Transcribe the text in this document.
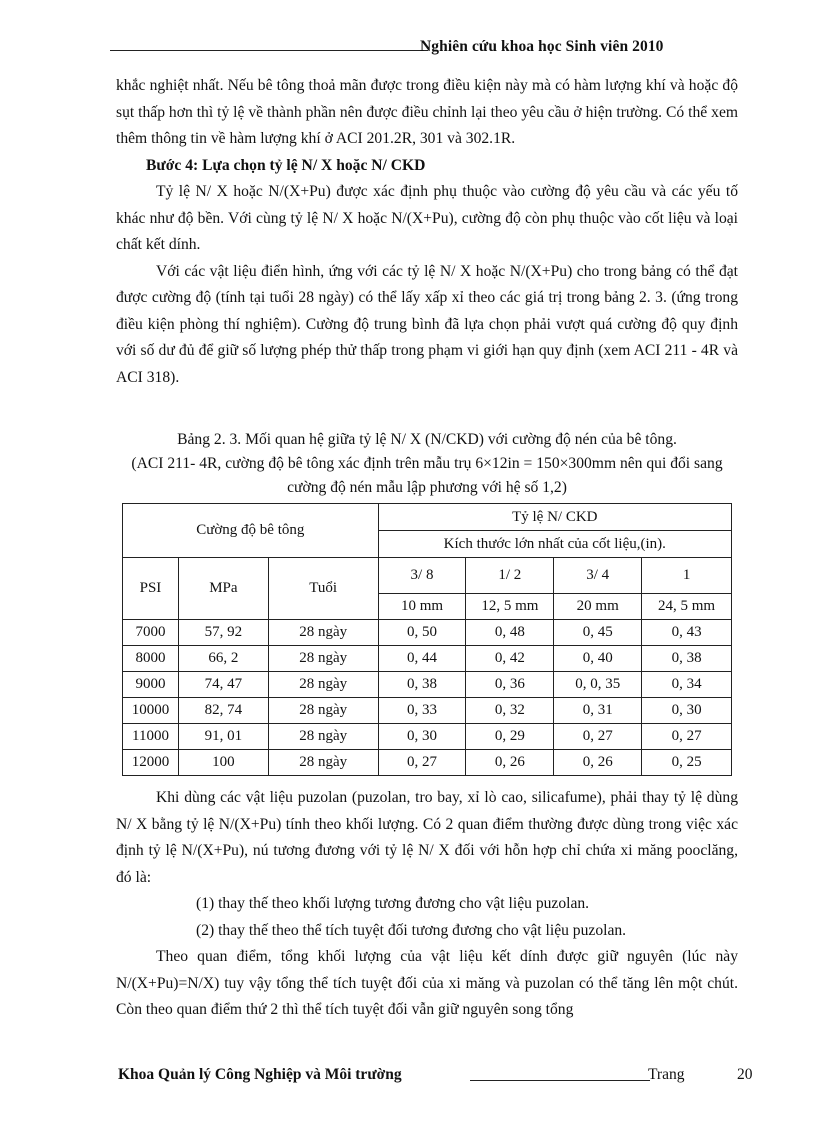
Nghiên cứu khoa học Sinh viên 2010

khắc nghiệt nhất. Nếu bê tông thoả mãn được trong điều kiện này mà có hàm lượng khí và hoặc độ sụt thấp hơn thì tỷ lệ về thành phần nên được điều chỉnh lại theo yêu cầu ở hiện trường. Có thể xem thêm thông tin về hàm lượng khí ở ACI 201.2R, 301 và 302.1R.

Bước 4: Lựa chọn tỷ lệ N/ X hoặc N/ CKD

Tỷ lệ N/ X hoặc N/(X+Pu) được xác định phụ thuộc vào cường độ yêu cầu và các yếu tố khác như độ bền. Với cùng tỷ lệ N/ X hoặc N/(X+Pu), cường độ còn phụ thuộc vào cốt liệu và loại chất kết dính.

Với các vật liệu điển hình, ứng với các tỷ lệ N/ X hoặc N/(X+Pu) cho trong bảng có thể đạt được cường độ (tính tại tuổi 28 ngày) có thể lấy xấp xỉ theo các giá trị trong bảng 2. 3. (ứng trong điều kiện phòng thí nghiệm). Cường độ trung bình đã lựa chọn phải vượt quá cường độ quy định với số dư đủ để giữ số lượng phép thử thấp trong phạm vi giới hạn quy định (xem ACI 211 - 4R và ACI 318).

Bảng 2. 3. Mối quan hệ giữa tỷ lệ N/ X (N/CKD) với cường độ nén của bê tông.
(ACI 211- 4R, cường độ bê tông xác định trên mẫu trụ 6×12in = 150×300mm nên qui đổi sang cường độ nén mẫu lập phương với hệ số 1,2)
Cường độ bê tông			Tỷ lệ N/ CKD			
			Kích thước lớn nhất của cốt liệu,(in).			
PSI	MPa	Tuổi	3/ 8	1/ 2	3/ 4	1
			10 mm	12, 5 mm	20 mm	24, 5 mm
7000	57, 92	28 ngày	0, 50	0, 48	0, 45	0, 43
8000	66, 2	28 ngày	0, 44	0, 42	0, 40	0, 38
9000	74, 47	28 ngày	0, 38	0, 36	0, 0, 35	0, 34
10000	82, 74	28 ngày	0, 33	0, 32	0, 31	0, 30
11000	91, 01	28 ngày	0, 30	0, 29	0, 27	0, 27
12000	100	28 ngày	0, 27	0, 26	0, 26	0, 25

Khi dùng các vật liệu puzolan (puzolan, tro bay, xỉ lò cao, silicafume), phải thay tỷ lệ dùng N/ X bằng tỷ lệ N/(X+Pu) tính theo khối lượng. Có 2 quan điểm thường được dùng trong việc xác định tỷ lệ N/(X+Pu), nú tương đương với tỷ lệ N/ X đối với hỗn hợp chỉ chứa xi măng pooclăng, đó là:

(1) thay thế theo khối lượng tương đương cho vật liệu puzolan.

(2) thay thế theo thể tích tuyệt đối tương đương cho vật liệu puzolan.

Theo quan điểm, tổng khối lượng của vật liệu kết dính được giữ nguyên (lúc này N/(X+Pu)=N/X) tuy vậy tổng thể tích tuyệt đối của xi măng và puzolan có thể tăng lên một chút. Còn theo quan điểm thứ 2 thì thể tích tuyệt đối vẫn giữ nguyên song tổng

Khoa Quản lý Công Nghiệp và Môi trường	Trang	20
